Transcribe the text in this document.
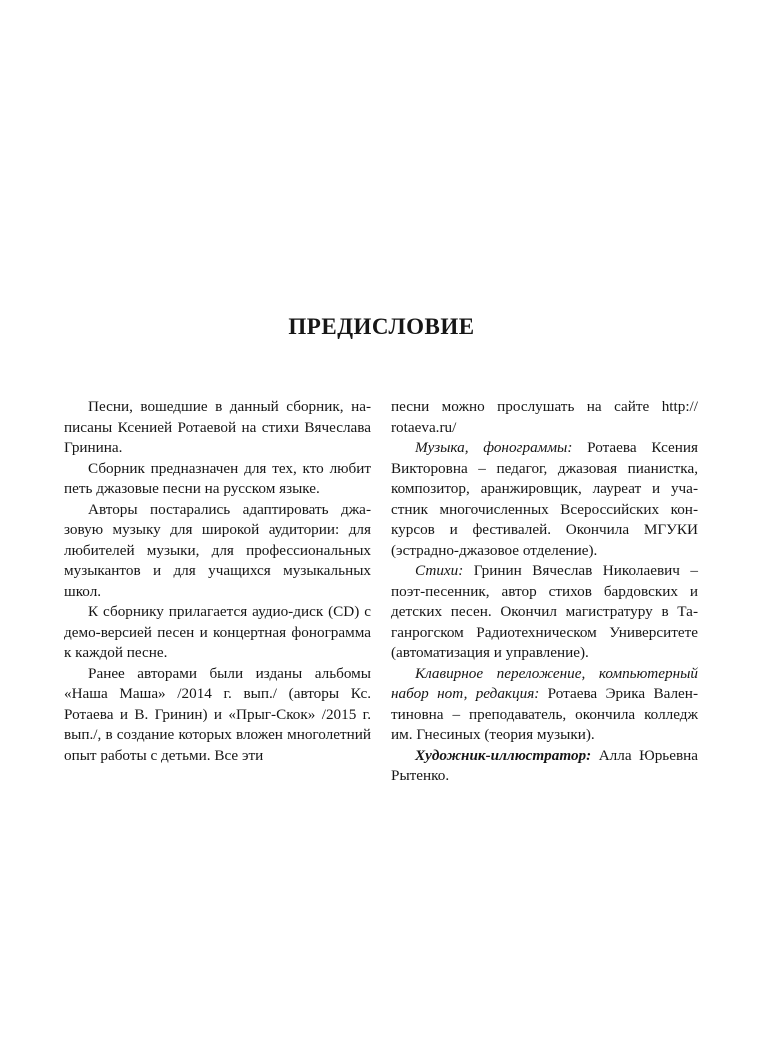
ПРЕДИСЛОВИЕ

Песни, вошедшие в данный сборник, написаны Ксенией Ротаевой на стихи Вячеслава Гринина.

Сборник предназначен для тех, кто любит петь джазовые песни на русском языке.

Авторы постарались адаптировать джазовую музыку для широкой аудитории: для любителей музыки, для профессиональных музыкантов и для учащихся музыкальных школ.

К сборнику прилагается аудио-диск (CD) с демо-версией песен и концертная фонограмма к каждой песне.

Ранее авторами были изданы альбомы «Наша Маша» /2014 г. вып./ (авторы Кс. Ротаева и В. Гринин) и «Прыг-Скок» /2015 г. вып./, в создание которых вложен многолетний опыт работы с детьми. Все эти

песни можно прослушать на сайте http://​rotaeva.ru/

Музыка, фонограммы: Ротаева Ксения Викторовна – педагог, джазовая пианистка, композитор, аранжировщик, лауреат и участник многочисленных Всероссийских конкурсов и фестивалей. Окончила МГУКИ (эстрадно-джазовое отделение).

Стихи: Гринин Вячеслав Николаевич – поэт-песенник, автор стихов бардовских и детских песен. Окончил магистратуру в Таганрогском Радиотехническом Университете (автоматизация и управление).

Клавирное переложение, компьютерный набор нот, редакция: Ротаева Эрика Валентиновна – преподаватель, окончила колледж им. Гнесиных (теория музыки).

Художник-иллюстратор: Алла Юрьевна Рытенко.
